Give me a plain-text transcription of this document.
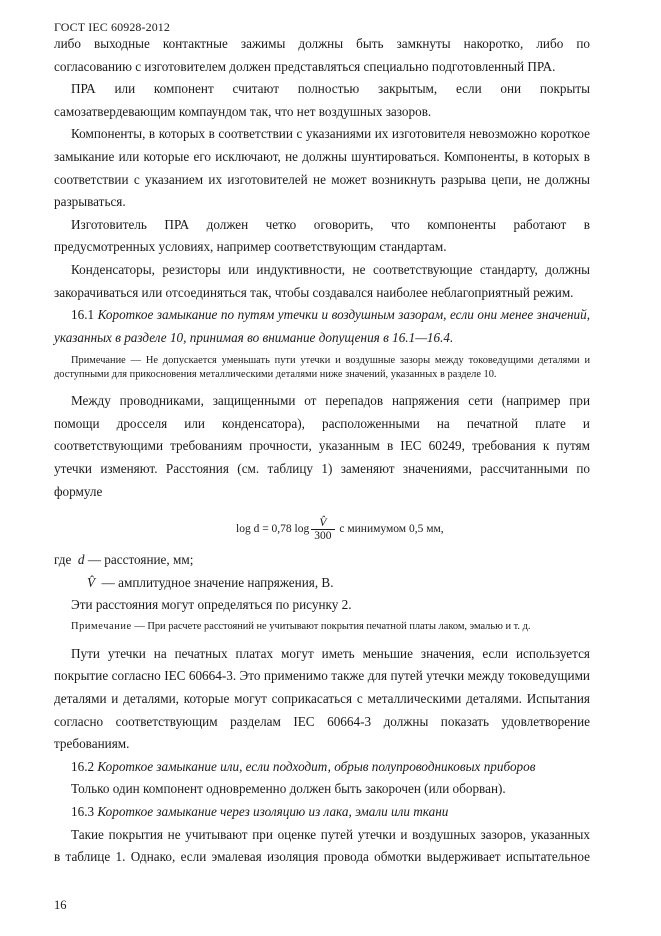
ГОСТ IEC 60928-2012

либо выходные контактные зажимы должны быть замкнуты накоротко, либо по

согласованию с изготовителем должен представляться специально подготовленный ПРА.

ПРА или компонент считают полностью закрытым, если они покрыты

самозатвердевающим компаундом так, что нет воздушных зазоров.

Компоненты, в которых в соответствии с указаниями их изготовителя невозможно короткое замыкание или которые его исключают, не должны шунтироваться. Компоненты, в которых в соответствии с указанием их изготовителей не может возникнуть разрыва цепи, не должны разрываться.

Изготовитель ПРА должен четко оговорить, что компоненты работают в

предусмотренных условиях, например соответствующим стандартам.

Конденсаторы, резисторы или индуктивности, не соответствующие стандарту, должны закорачиваться или отсоединяться так, чтобы создавался наиболее неблагоприятный режим.

16.1 Короткое замыкание по путям утечки и воздушным зазорам, если они менее значений, указанных в разделе 10, принимая во внимание допущения в 16.1—16.4.

Примечание — Не допускается уменьшать пути утечки и воздушные зазоры между токоведущими деталями и доступными для прикосновения металлическими деталями ниже значений, указанных в разделе 10.

Между проводниками, защищенными от перепадов напряжения сети (например при помощи дросселя или конденсатора), расположенными на печатной плате и соответствующими требованиям прочности, указанным в IEC 60249, требования к путям утечки изменяют. Расстояния (см. таблицу 1) заменяют значениями, рассчитанными по формуле

log d = 0,78 $\log \frac{V̂}{300}$ с минимумом 0,5 мм,

где d — расстояние, мм;

V̂ — амплитудное значение напряжения, В.

Эти расстояния могут определяться по рисунку 2.

Примечание — При расчете расстояний не учитывают покрытия печатной платы лаком, эмалью и т. д.

Пути утечки на печатных платах могут иметь меньшие значения, если используется покрытие согласно IEC 60664-3. Это применимо также для путей утечки между токоведущими деталями и деталями, которые могут соприкасаться с металлическими деталями. Испытания согласно соответствующим разделам IEC 60664-3 должны показать удовлетворение требованиям.

16.2 Короткое замыкание или, если подходит, обрыв полупроводниковых приборов

Только один компонент одновременно должен быть закорочен (или оборван).

16.3 Короткое замыкание через изоляцию из лака, эмали или ткани

Такие покрытия не учитывают при оценке путей утечки и воздушных зазоров, указанных

в таблице 1. Однако, если эмалевая изоляция провода обмотки выдерживает испытательное

16
